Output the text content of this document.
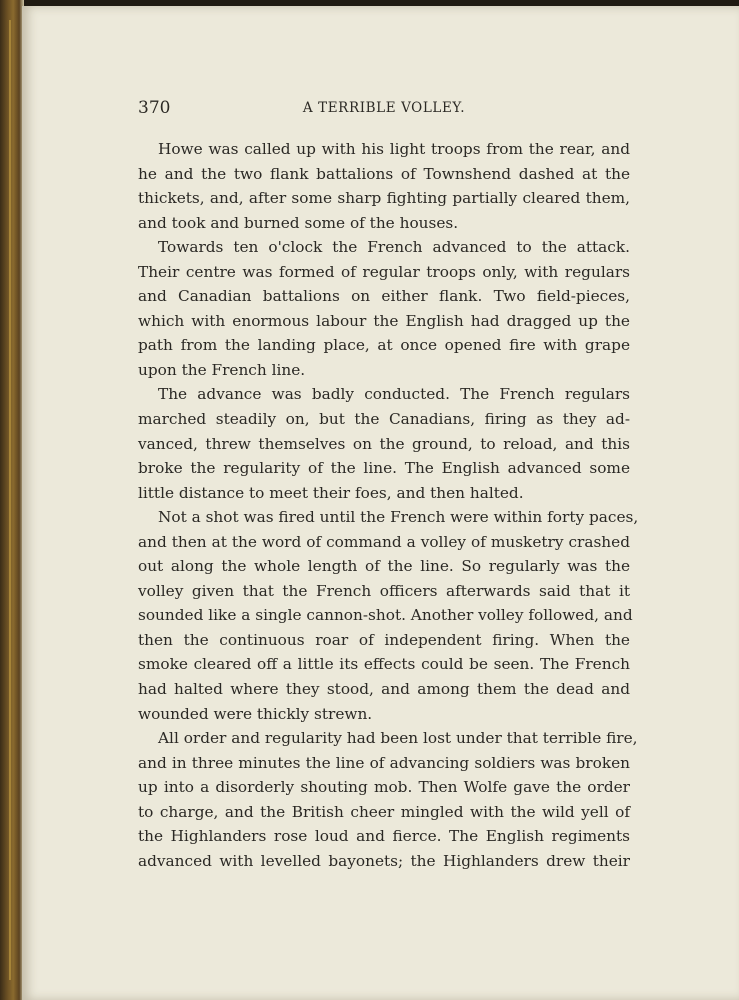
370	A TERRIBLE VOLLEY.
Howe was called up with his light troops from the rear, and
he and the two flank battalions of Townshend dashed at the
thickets, and, after some sharp fighting partially cleared them,
and took and burned some of the houses.
Towards ten o'clock the French advanced to the attack.
Their centre was formed of regular troops only, with regulars
and Canadian battalions on either flank. Two field-pieces,
which with enormous labour the English had dragged up the
path from the landing place, at once opened fire with grape
upon the French line.
The advance was badly conducted. The French regulars
marched steadily on, but the Canadians, firing as they ad-
vanced, threw themselves on the ground, to reload, and this
broke the regularity of the line. The English advanced some
little distance to meet their foes, and then halted.
Not a shot was fired until the French were within forty paces,
and then at the word of command a volley of musketry crashed
out along the whole length of the line. So regularly was the
volley given that the French officers afterwards said that it
sounded like a single cannon-shot. Another volley followed, and
then the continuous roar of independent firing. When the
smoke cleared off a little its effects could be seen. The French
had halted where they stood, and among them the dead and
wounded were thickly strewn.
All order and regularity had been lost under that terrible fire,
and in three minutes the line of advancing soldiers was broken
up into a disorderly shouting mob. Then Wolfe gave the order
to charge, and the British cheer mingled with the wild yell of
the Highlanders rose loud and fierce. The English regiments
advanced with levelled bayonets; the Highlanders drew their
